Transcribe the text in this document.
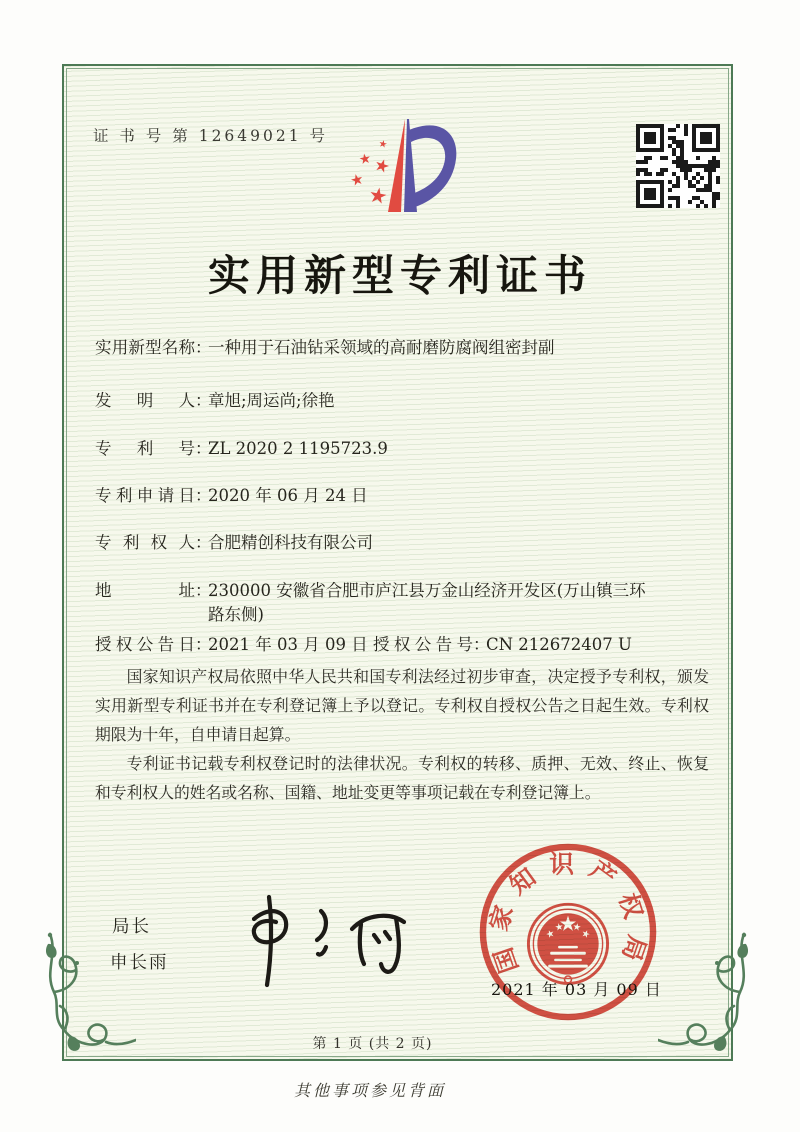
证 书 号 第 12649021 号
实用新型专利证书
实用新型名称：一种用于石油钻采领域的高耐磨防腐阀组密封副
发明人：章旭;周运尚;徐艳
专利号：ZL 2020 2 1195723.9
专利申请日：2020 年 06 月 24 日
专利权人：合肥精创科技有限公司
地址：230000 安徽省合肥市庐江县万金山经济开发区(万山镇三环路东侧)
授权公告日：2021 年 03 月 09 日 授权公告号：CN 212672407 U

国家知识产权局依照中华人民共和国专利法经过初步审查，决定授予专利权，颁发实用新型专利证书并在专利登记簿上予以登记。专利权自授权公告之日起生效。专利权期限为十年，自申请日起算。

专利证书记载专利权登记时的法律状况。专利权的转移、质押、无效、终止、恢复和专利权人的姓名或名称、国籍、地址变更等事项记载在专利登记簿上。

局长
申长雨	国家知识产权局
2021 年 03 月 09 日
第 1 页 (共 2 页)
其他事项参见背面
